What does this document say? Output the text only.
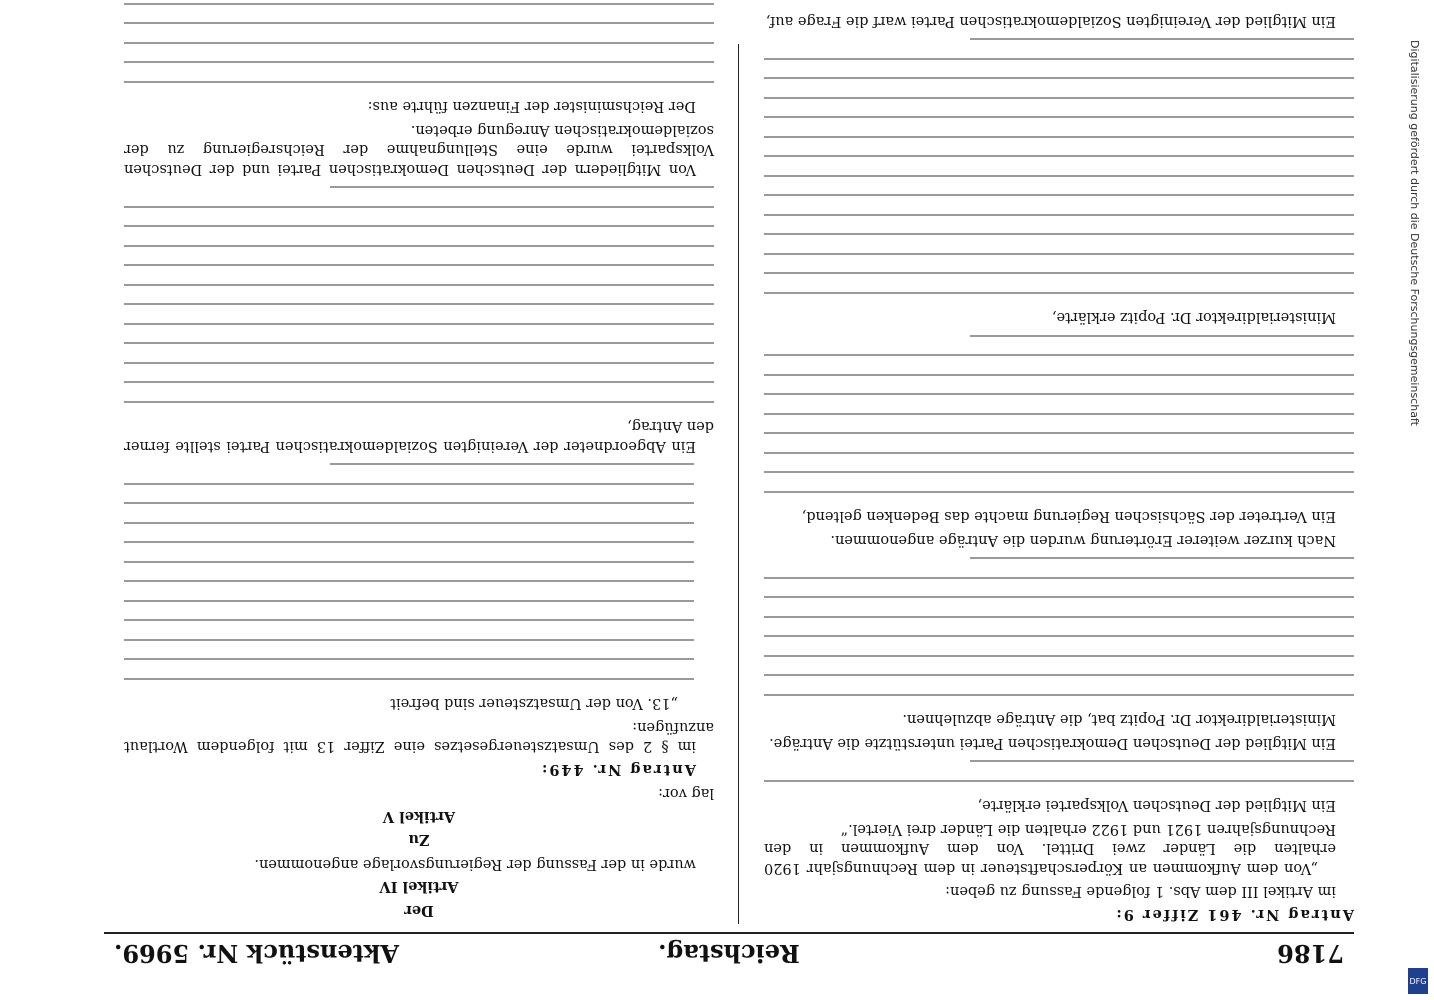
7186
Reichstag.
Aktenstück Nr. 5969.

Antrag Nr. 461 Ziffer 9:

im Artikel III dem Abs. 1 folgende Fassung zu geben:

„Von dem Aufkommen an Körperschaftsteuer in dem Rechnungsjahr 1920 erhalten die Länder zwei Drittel. Von dem Aufkommen in den Rechnungsjahren 1921 und 1922 erhalten die Länder drei Viertel.“

Ein Mitglied der Deutschen Volkspartei erklärte,

Ein Mitglied der Deutschen Demokratischen Partei unterstützte die Anträge.

Ministerialdirektor Dr. Popitz bat, die Anträge abzulehnen.

Nach kurzer weiterer Erörterung wurden die Anträge angenommen.

Ein Vertreter der Sächsischen Regierung machte das Bedenken geltend,

Ministerialdirektor Dr. Popitz erklärte,

Ein Mitglied der Vereinigten Sozialdemokratischen Partei warf die Frage auf,

Der

Artikel IV

wurde in der Fassung der Regierungsvorlage angenommen.

Zu

Artikel V

lag vor:

Antrag Nr. 449:

im § 2 des Umsatzsteuergesetzes eine Ziffer 13 mit folgendem Wortlaut anzufügen:

„13. Von der Umsatzsteuer sind befreit

Ein Abgeordneter der Vereinigten Sozialdemokratischen Partei stellte ferner den Antrag,

Von Mitgliedern der Deutschen Demokratischen Partei und der Deutschen Volkspartei wurde eine Stellungnahme der Reichsregierung zu der sozialdemokratischen Anregung erbeten.

Der Reichsminister der Finanzen führte aus:	Digitalisierung gefördert durch die Deutsche Forschungsgemeinschaft
DFG
